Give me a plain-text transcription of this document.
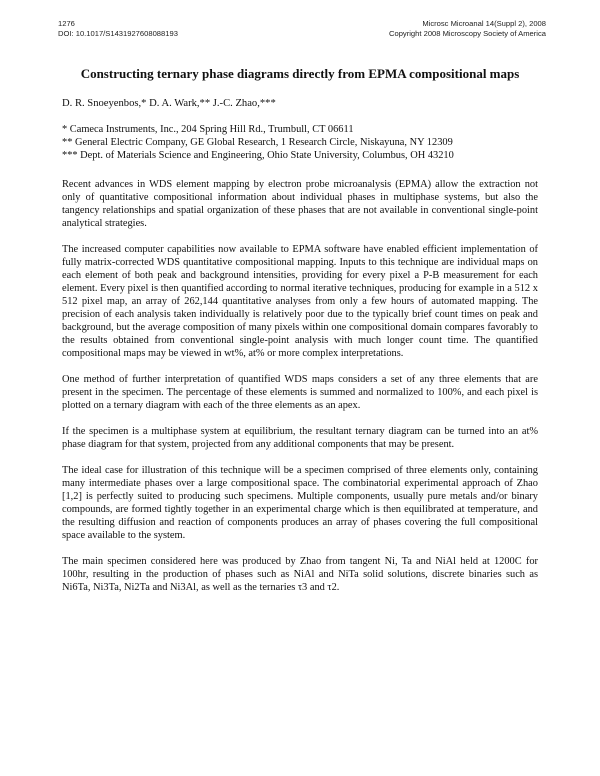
1276
DOI: 10.1017/S1431927608088193
Microsc Microanal 14(Suppl 2), 2008
Copyright 2008 Microscopy Society of America
Constructing ternary phase diagrams directly from EPMA compositional maps
D. R. Snoeyenbos,* D. A. Wark,** J.-C. Zhao,***
* Cameca Instruments, Inc., 204 Spring Hill Rd., Trumbull, CT 06611
** General Electric Company, GE Global Research, 1 Research Circle, Niskayuna, NY 12309
*** Dept. of Materials Science and Engineering, Ohio State University, Columbus, OH 43210

Recent advances in WDS element mapping by electron probe microanalysis (EPMA) allow the extraction not only of quantitative compositional information about individual phases in multiphase systems, but also the tangency relationships and spatial organization of these phases that are not available in conventional single-point analytical strategies.

The increased computer capabilities now available to EPMA software have enabled efficient implementation of fully matrix-corrected WDS quantitative compositional mapping. Inputs to this technique are individual maps on each element of both peak and background intensities, providing for every pixel a P-B measurement for each element. Every pixel is then quantified according to normal iterative techniques, producing for example in a 512 x 512 pixel map, an array of 262,144 quantitative analyses from only a few hours of automated mapping. The precision of each analysis taken individually is relatively poor due to the typically brief count times on peak and background, but the average composition of many pixels within one compositional domain compares favorably to the results obtained from conventional single-point analysis with much longer count time. The quantified compositional maps may be viewed in wt%, at% or more complex interpretations.

One method of further interpretation of quantified WDS maps considers a set of any three elements that are present in the specimen. The percentage of these elements is summed and normalized to 100%, and each pixel is plotted on a ternary diagram with each of the three elements as an apex.

If the specimen is a multiphase system at equilibrium, the resultant ternary diagram can be turned into an at% phase diagram for that system, projected from any additional components that may be present.

The ideal case for illustration of this technique will be a specimen comprised of three elements only, containing many intermediate phases over a large compositional space. The combinatorial experimental approach of Zhao [1,2] is perfectly suited to producing such specimens. Multiple components, usually pure metals and/or binary compounds, are formed tightly together in an experimental charge which is then equilibrated at temperature, and the resulting diffusion and reaction of components produces an array of phases covering the full compositional space available to the system.

The main specimen considered here was produced by Zhao from tangent Ni, Ta and NiAl held at 1200C for 100hr, resulting in the production of phases such as NiAl and NiTa solid solutions, discrete binaries such as Ni6Ta, Ni3Ta, Ni2Ta and Ni3Al, as well as the ternaries τ3 and τ2.
